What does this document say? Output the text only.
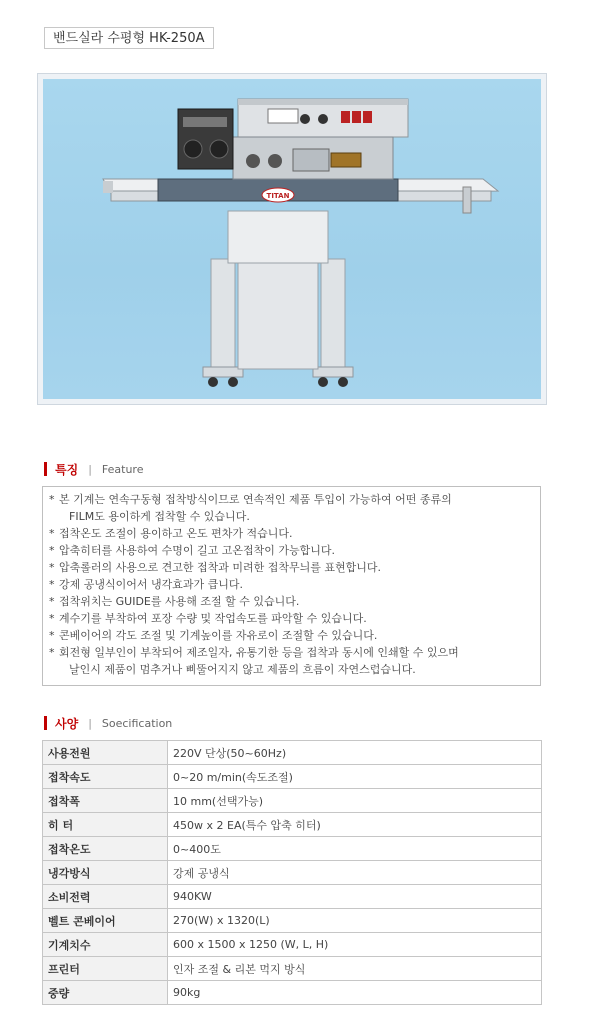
밴드실라 수평형 HK-250A
TITAN
특징 | Feature
* 본 기계는 연속구동형 접착방식이므로 연속적인 제품 투입이 가능하여 어떤 종류의
FILM도 용이하게 접착할 수 있습니다.
* 접착온도 조절이 용이하고 온도 편차가 적습니다.
* 압축히터를 사용하여 수명이 길고 고온접착이 가능합니다.
* 압축롤러의 사용으로 견고한 접착과 미려한 접착무늬를 표현합니다.
* 강제 공냉식이어서 냉각효과가 큽니다.
* 접착위치는 GUIDE를 사용해 조절 할 수 있습니다.
* 계수기를 부착하여 포장 수량 및 작업속도를 파악할 수 있습니다.
* 콘베이어의 각도 조절 및 기계높이를 자유로이 조절할 수 있습니다.
* 회전형 일부인이 부착되어 제조일자, 유통기한 등을 접착과 동시에 인쇄할 수 있으며
날인시 제품이 멈추거나 삐뚤어지지 않고 제품의 흐름이 자연스럽습니다.
사양 | Soecification
사용전원	220V 단상(50~60Hz)
접착속도	0~20 m/min(속도조절)
접착폭	10 mm(선택가능)
히 터	450w x 2 EA(특수 압축 히터)
접착온도	0~400도
냉각방식	강제 공냉식
소비전력	940KW
벨트 콘베이어	270(W) x 1320(L)
기계치수	600 x 1500 x 1250 (W, L, H)
프린터	인자 조절 & 리본 먹지 방식
중량	90kg
